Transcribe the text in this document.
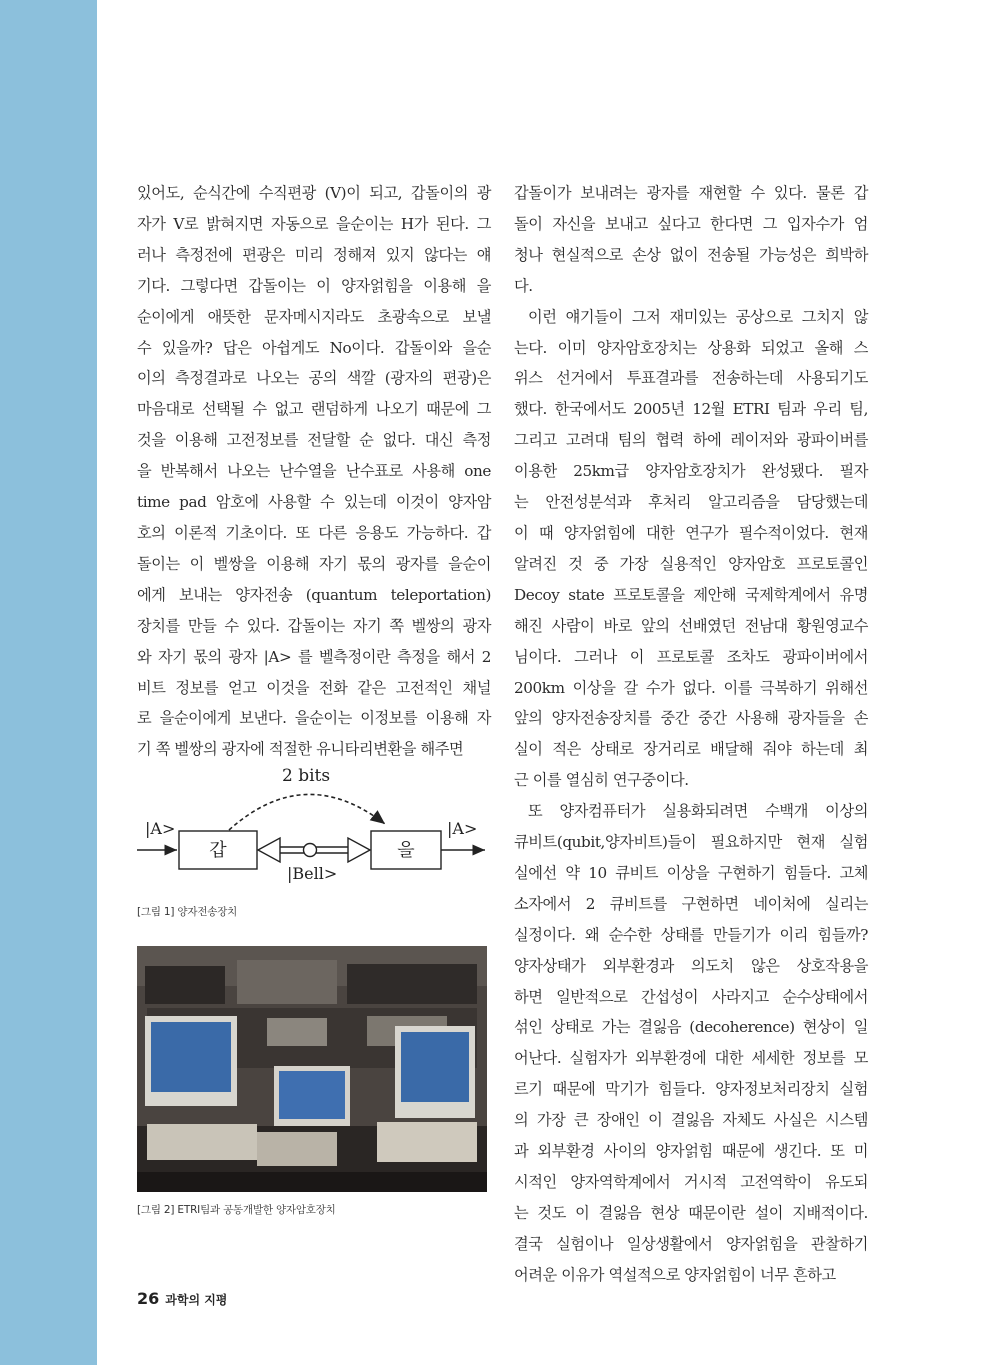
있어도, 순식간에 수직편광 (V)이 되고, 갑돌이의 광
자가 V로 밝혀지면 자동으로 을순이는 H가 된다. 그
러나 측정전에 편광은 미리 정해져 있지 않다는 얘
기다. 그렇다면 갑돌이는 이 양자얽힘을 이용해 을
순이에게 애뜻한 문자메시지라도 초광속으로 보낼
수 있을까? 답은 아쉽게도 No이다. 갑돌이와 을순
이의 측정결과로 나오는 공의 색깔 (광자의 편광)은
마음대로 선택될 수 없고 랜덤하게 나오기 때문에 그
것을 이용해 고전정보를 전달할 순 없다. 대신 측정
을 반복해서 나오는 난수열을 난수표로 사용해 one
time pad 암호에 사용할 수 있는데 이것이 양자암
호의 이론적 기초이다. 또 다른 응용도 가능하다. 갑
돌이는 이 벨쌍을 이용해 자기 몫의 광자를 을순이
에게 보내는 양자전송 (quantum teleportation)
장치를 만들 수 있다. 갑돌이는 자기 쪽 벨쌍의 광자
와 자기 몫의 광자 |A> 를 벨측정이란 측정을 해서 2
비트 정보를 얻고 이것을 전화 같은 고전적인 채널
로 을순이에게 보낸다. 을순이는 이정보를 이용해 자
기 쪽 벨쌍의 광자에 적절한 유니타리변환을 해주면
갑돌이가 보내려는 광자를 재현할 수 있다. 물론 갑
돌이 자신을 보내고 싶다고 한다면 그 입자수가 엄
청나 현실적으로 손상 없이 전송될 가능성은 희박하
다.
이런 얘기들이 그저 재미있는 공상으로 그치지 않
는다. 이미 양자암호장치는 상용화 되었고 올해 스
위스 선거에서 투표결과를 전송하는데 사용되기도
했다. 한국에서도 2005년 12월 ETRI 팀과 우리 팀,
그리고 고려대 팀의 협력 하에 레이저와 광파이버를
이용한 25km급 양자암호장치가 완성됐다. 필자
는 안전성분석과 후처리 알고리즘을 담당했는데
이 때 양자얽힘에 대한 연구가 필수적이었다. 현재
알려진 것 중 가장 실용적인 양자암호 프로토콜인
Decoy state 프로토콜을 제안해 국제학계에서 유명
해진 사람이 바로 앞의 선배였던 전남대 황원영교수
님이다. 그러나 이 프로토콜 조차도 광파이버에서
200km 이상을 갈 수가 없다. 이를 극복하기 위해선
앞의 양자전송장치를 중간 중간 사용해 광자들을 손
실이 적은 상태로 장거리로 배달해 줘야 하는데 최
근 이를 열심히 연구중이다.
또 양자컴퓨터가 실용화되려면 수백개 이상의
큐비트(qubit,양자비트)들이 필요하지만 현재 실험
실에선 약 10 큐비트 이상을 구현하기 힘들다. 고체
소자에서 2 큐비트를 구현하면 네이처에 실리는
실정이다. 왜 순수한 상태를 만들기가 이리 힘들까?
양자상태가 외부환경과 의도치 않은 상호작용을
하면 일반적으로 간섭성이 사라지고 순수상태에서
섞인 상태로 가는 결잃음 (decoherence) 현상이 일
어난다. 실험자가 외부환경에 대한 세세한 정보를 모
르기 때문에 막기가 힘들다. 양자정보처리장치 실험
의 가장 큰 장애인 이 결잃음 자체도 사실은 시스템
과 외부환경 사이의 양자얽힘 때문에 생긴다. 또 미
시적인 양자역학계에서 거시적 고전역학이 유도되
는 것도 이 결잃음 현상 때문이란 설이 지배적이다.
결국 실험이나 일상생활에서 양자얽힘을 관찰하기
어려운 이유가 역설적으로 양자얽힘이 너무 흔하고
2 bits
|A>
갑	을
|Bell>
|A>
[그림 1] 양자전송장치
[그림 2] ETRI팀과 공동개발한 양자암호장치
26 과학의 지평
